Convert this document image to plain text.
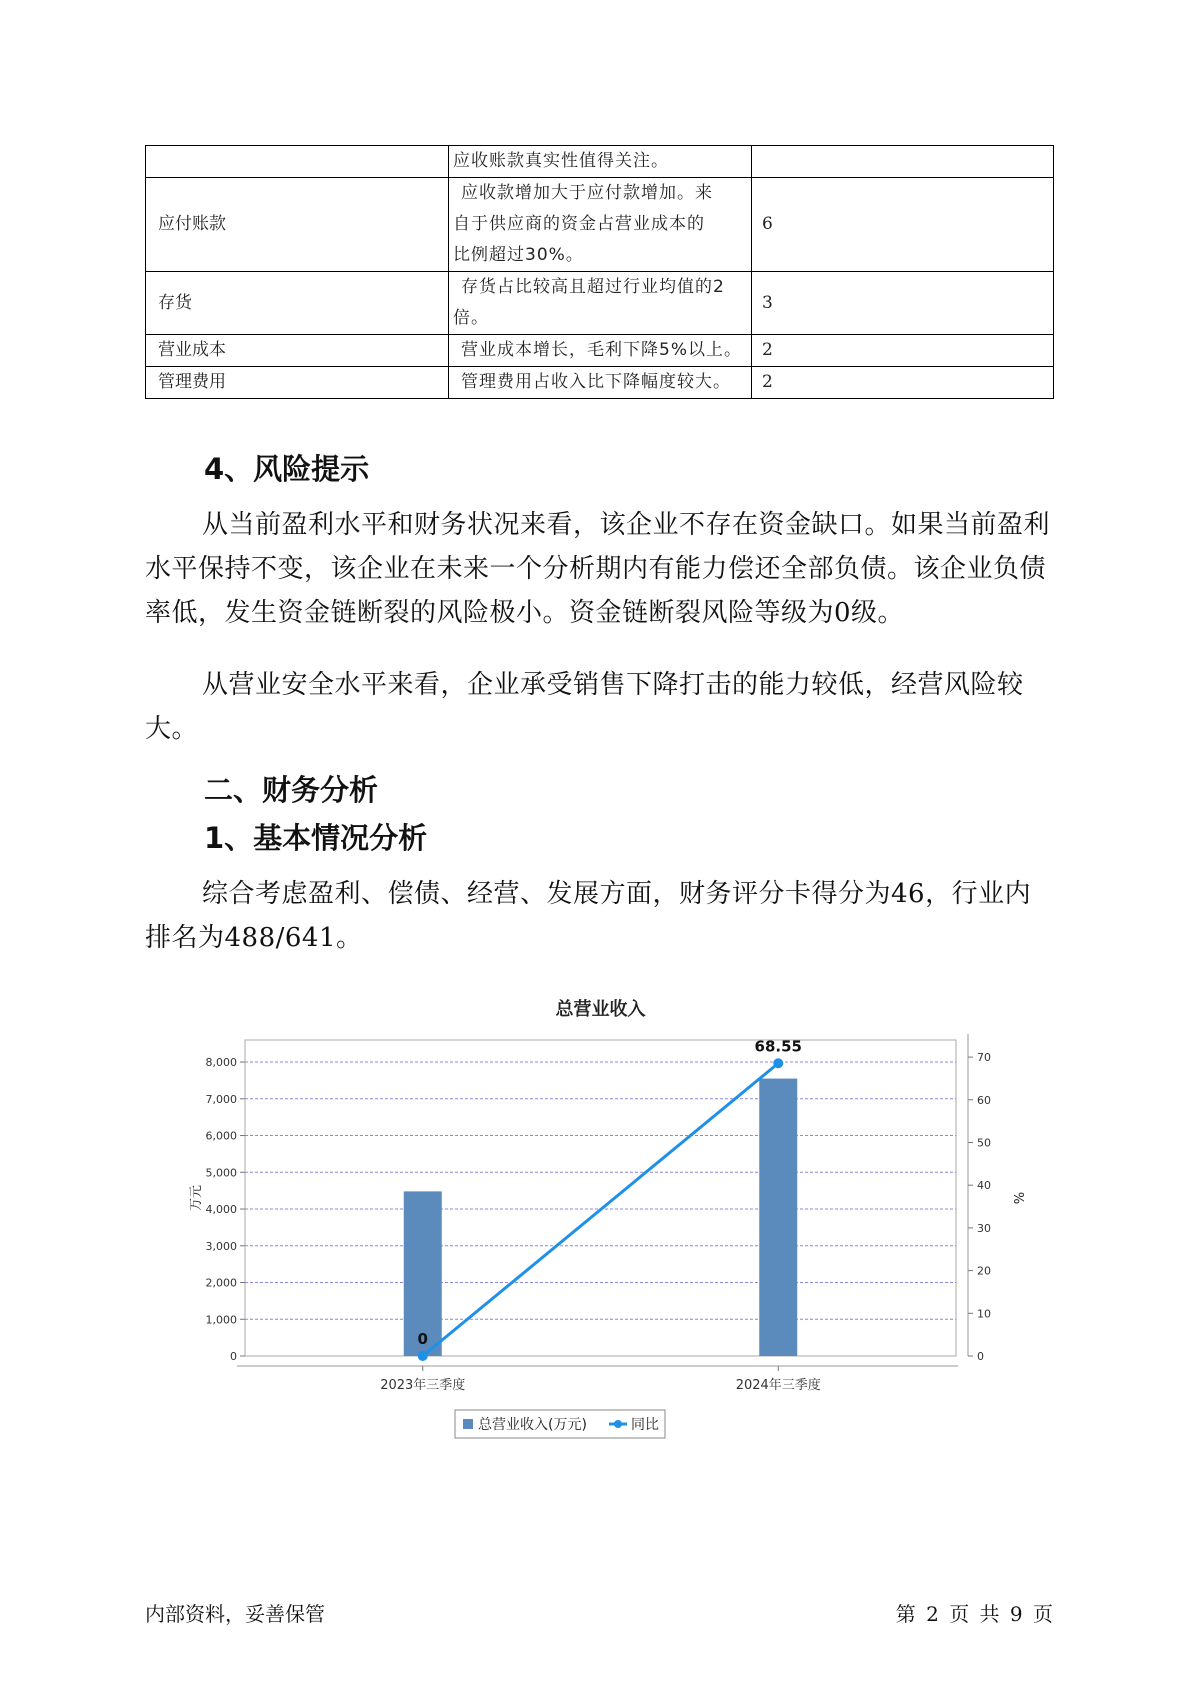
	应收账款真实性值得关注。	

应付账款	应收款增加大于应付款增加。来
自于供应商的资金占营业成本的
比例超过30%。	6
存货	存货占比较高且超过行业均值的2
倍。	3
营业成本	营业成本增长，毛利下降5%以上。	2
管理费用	管理费用占收入比下降幅度较大。	2
4、风险提示

从当前盈利水平和财务状况来看，该企业不存在资金缺口。如果当前盈利水平保持不变，该企业在未来一个分析期内有能力偿还全部负债。该企业负债率低，发生资金链断裂的风险极小。资金链断裂风险等级为0级。

从营业安全水平来看，企业承受销售下降打击的能力较低，经营风险较大。

二、财务分析
1、基本情况分析

综合考虑盈利、偿债、经营、发展方面，财务评分卡得分为46，行业内排名为488/641。

总营业收入
0
1,000
2,000
3,000
4,000
5,000
6,000
7,000
8,000
0
10
20
30
40
50
60
70
万元	%
2023年三季度	2024年三季度
0
68.55
总营业收入(万元)	同比
内部资料，妥善保管	第 2 页 共 9 页
